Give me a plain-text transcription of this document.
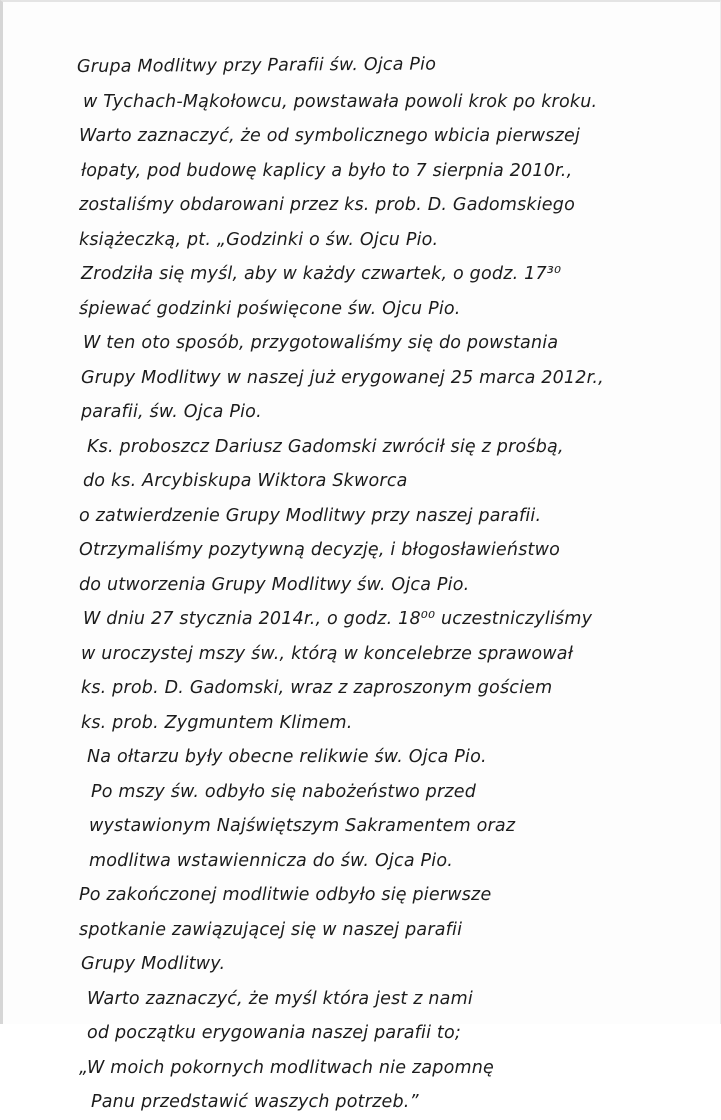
Grupa Modlitwy przy Parafii św. Ojca Pio
w Tychach-Mąkołowcu, powstawała powoli krok po kroku.
Warto zaznaczyć, że od symbolicznego wbicia pierwszej
łopaty, pod budowę kaplicy a było to 7 sierpnia 2010r.,
zostaliśmy obdarowani przez ks. prob. D. Gadomskiego
książeczką, pt. „Godzinki o św. Ojcu Pio.
Zrodziła się myśl, aby w każdy czwartek, o godz. 17³⁰
śpiewać godzinki poświęcone św. Ojcu Pio.
W ten oto sposób, przygotowaliśmy się do powstania
Grupy Modlitwy w naszej już erygowanej 25 marca 2012r.,
parafii, św. Ojca Pio.
Ks. proboszcz Dariusz Gadomski zwrócił się z prośbą,
do ks. Arcybiskupa Wiktora Skworca
o zatwierdzenie Grupy Modlitwy przy naszej parafii.
Otrzymaliśmy pozytywną decyzję, i błogosławieństwo
do utworzenia Grupy Modlitwy św. Ojca Pio.
W dniu 27 stycznia 2014r., o godz. 18⁰⁰ uczestniczyliśmy
w uroczystej mszy św., którą w koncelebrze sprawował
ks. prob. D. Gadomski, wraz z zaproszonym gościem
ks. prob. Zygmuntem Klimem.
Na ołtarzu były obecne relikwie św. Ojca Pio.
Po mszy św. odbyło się nabożeństwo przed
wystawionym Najświętszym Sakramentem oraz
modlitwa wstawiennicza do św. Ojca Pio.
Po zakończonej modlitwie odbyło się pierwsze
spotkanie zawiązującej się w naszej parafii
Grupy Modlitwy.
Warto zaznaczyć, że myśl która jest z nami
od początku erygowania naszej parafii to;
„W moich pokornych modlitwach nie zapomnę
Panu przedstawić waszych potrzeb.”
